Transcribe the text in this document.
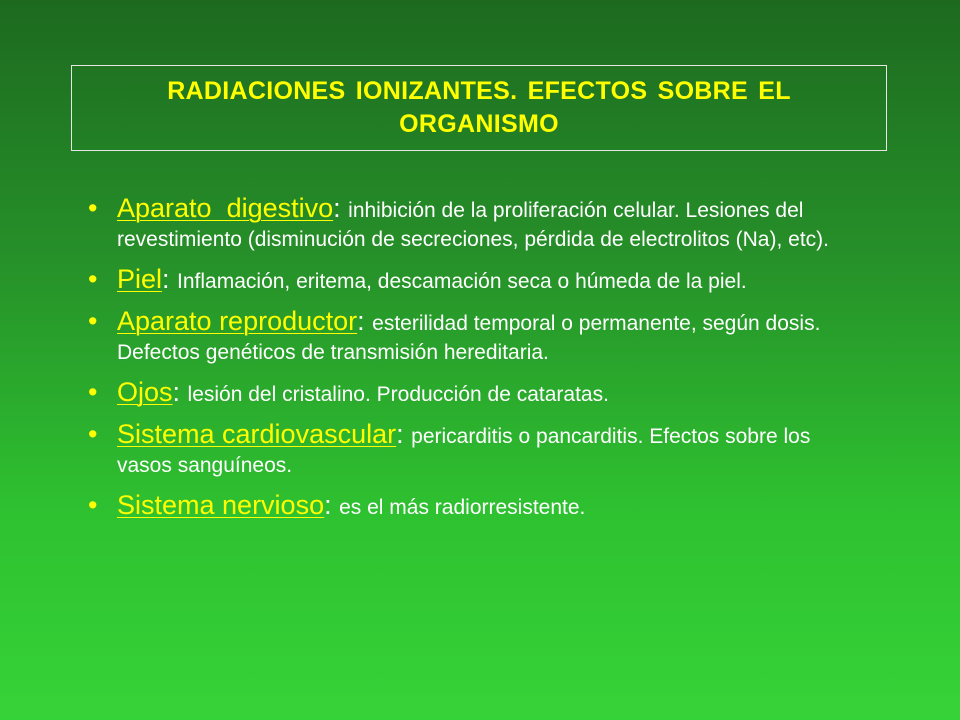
RADIACIONES IONIZANTES. EFECTOS SOBRE EL ORGANISMO
• Aparato  digestivo: inhibición de la proliferación celular. Lesiones del revestimiento (disminución de secreciones, pérdida de electrolitos (Na), etc).
• Piel: Inflamación, eritema, descamación seca o húmeda de la piel.
• Aparato reproductor: esterilidad temporal o permanente, según dosis. Defectos genéticos de transmisión hereditaria.
• Ojos: lesión del cristalino. Producción de cataratas.
• Sistema cardiovascular: pericarditis o pancarditis. Efectos sobre los vasos sanguíneos.
• Sistema nervioso: es el más radiorresistente.
